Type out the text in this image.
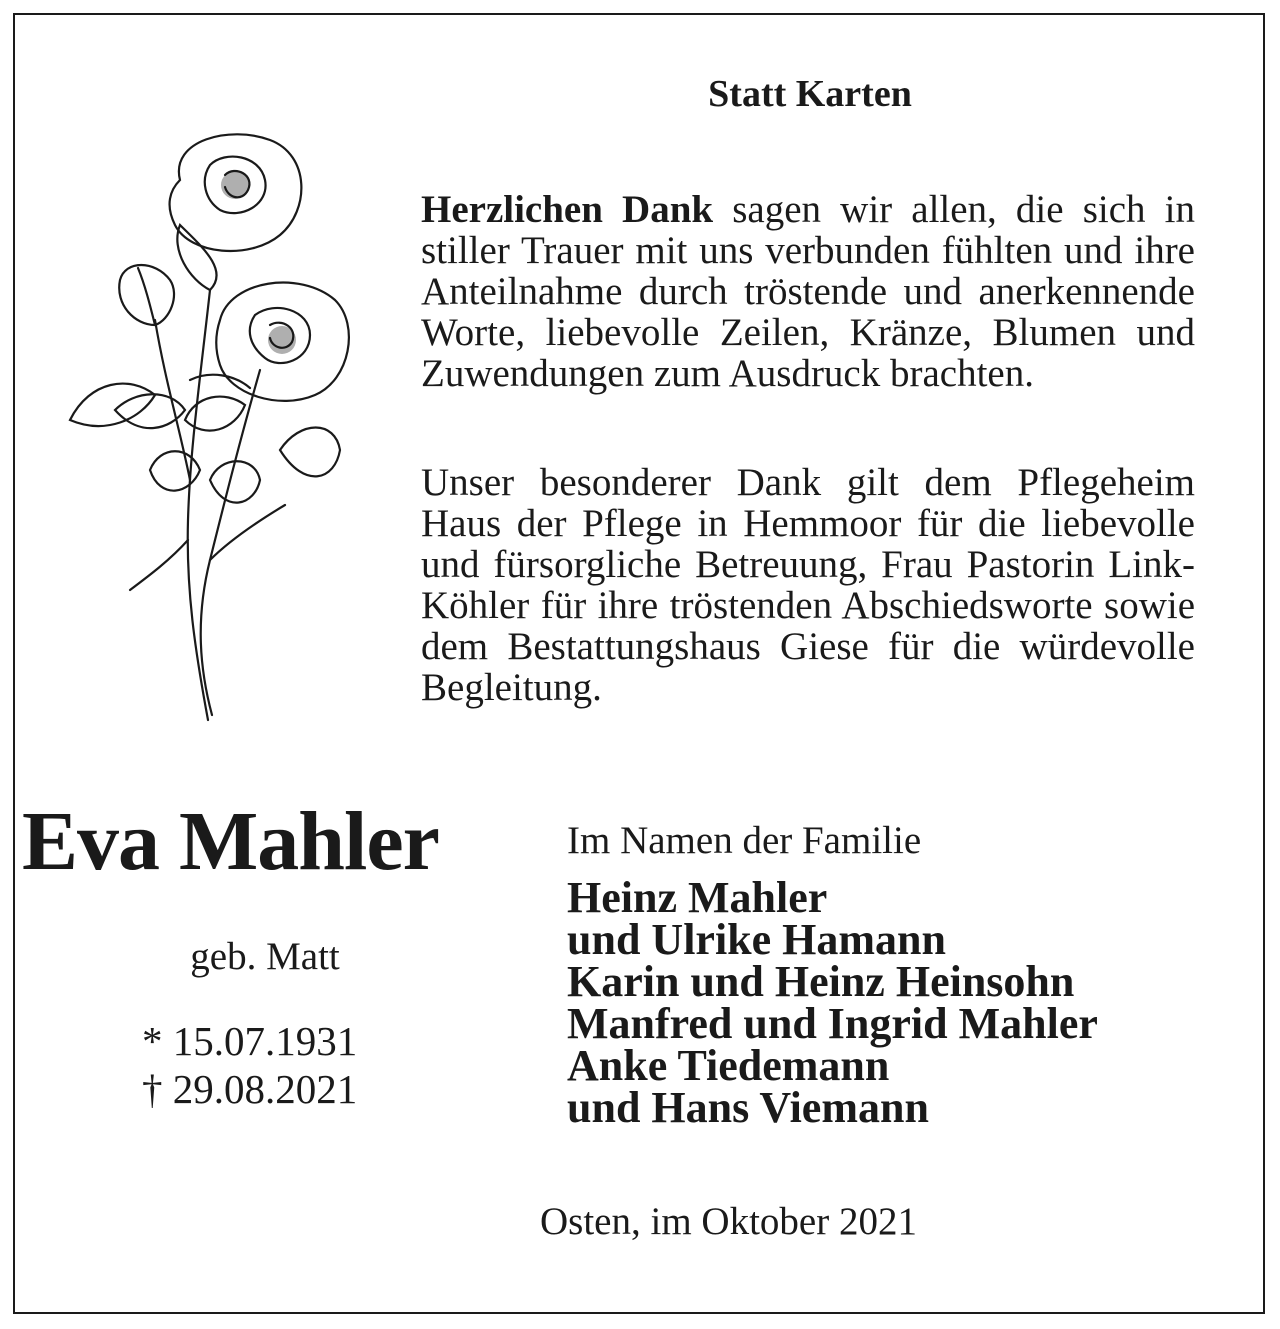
Statt Karten

Herzlichen Dank sagen wir allen, die sich in stiller Trauer mit uns verbunden fühlten und ihre Anteilnahme durch tröstende und anerkennende Worte, liebevolle Zeilen, Kränze, Blumen und Zuwendungen zum Ausdruck brachten.

Unser besonderer Dank gilt dem Pflegeheim Haus der Pflege in Hemmoor für die liebevolle und fürsorgliche Betreuung, Frau Pastorin Link-Köhler für ihre tröstenden Abschiedsworte sowie dem Bestattungshaus Giese für die würdevolle Begleitung.

Eva Mahler

geb. Matt

* 15.07.1931
† 29.08.2021

Im Namen der Familie

Heinz Mahler
und Ulrike Hamann
Karin und Heinz Heinsohn
Manfred und Ingrid Mahler
Anke Tiedemann
und Hans Viemann

Osten, im Oktober 2021
